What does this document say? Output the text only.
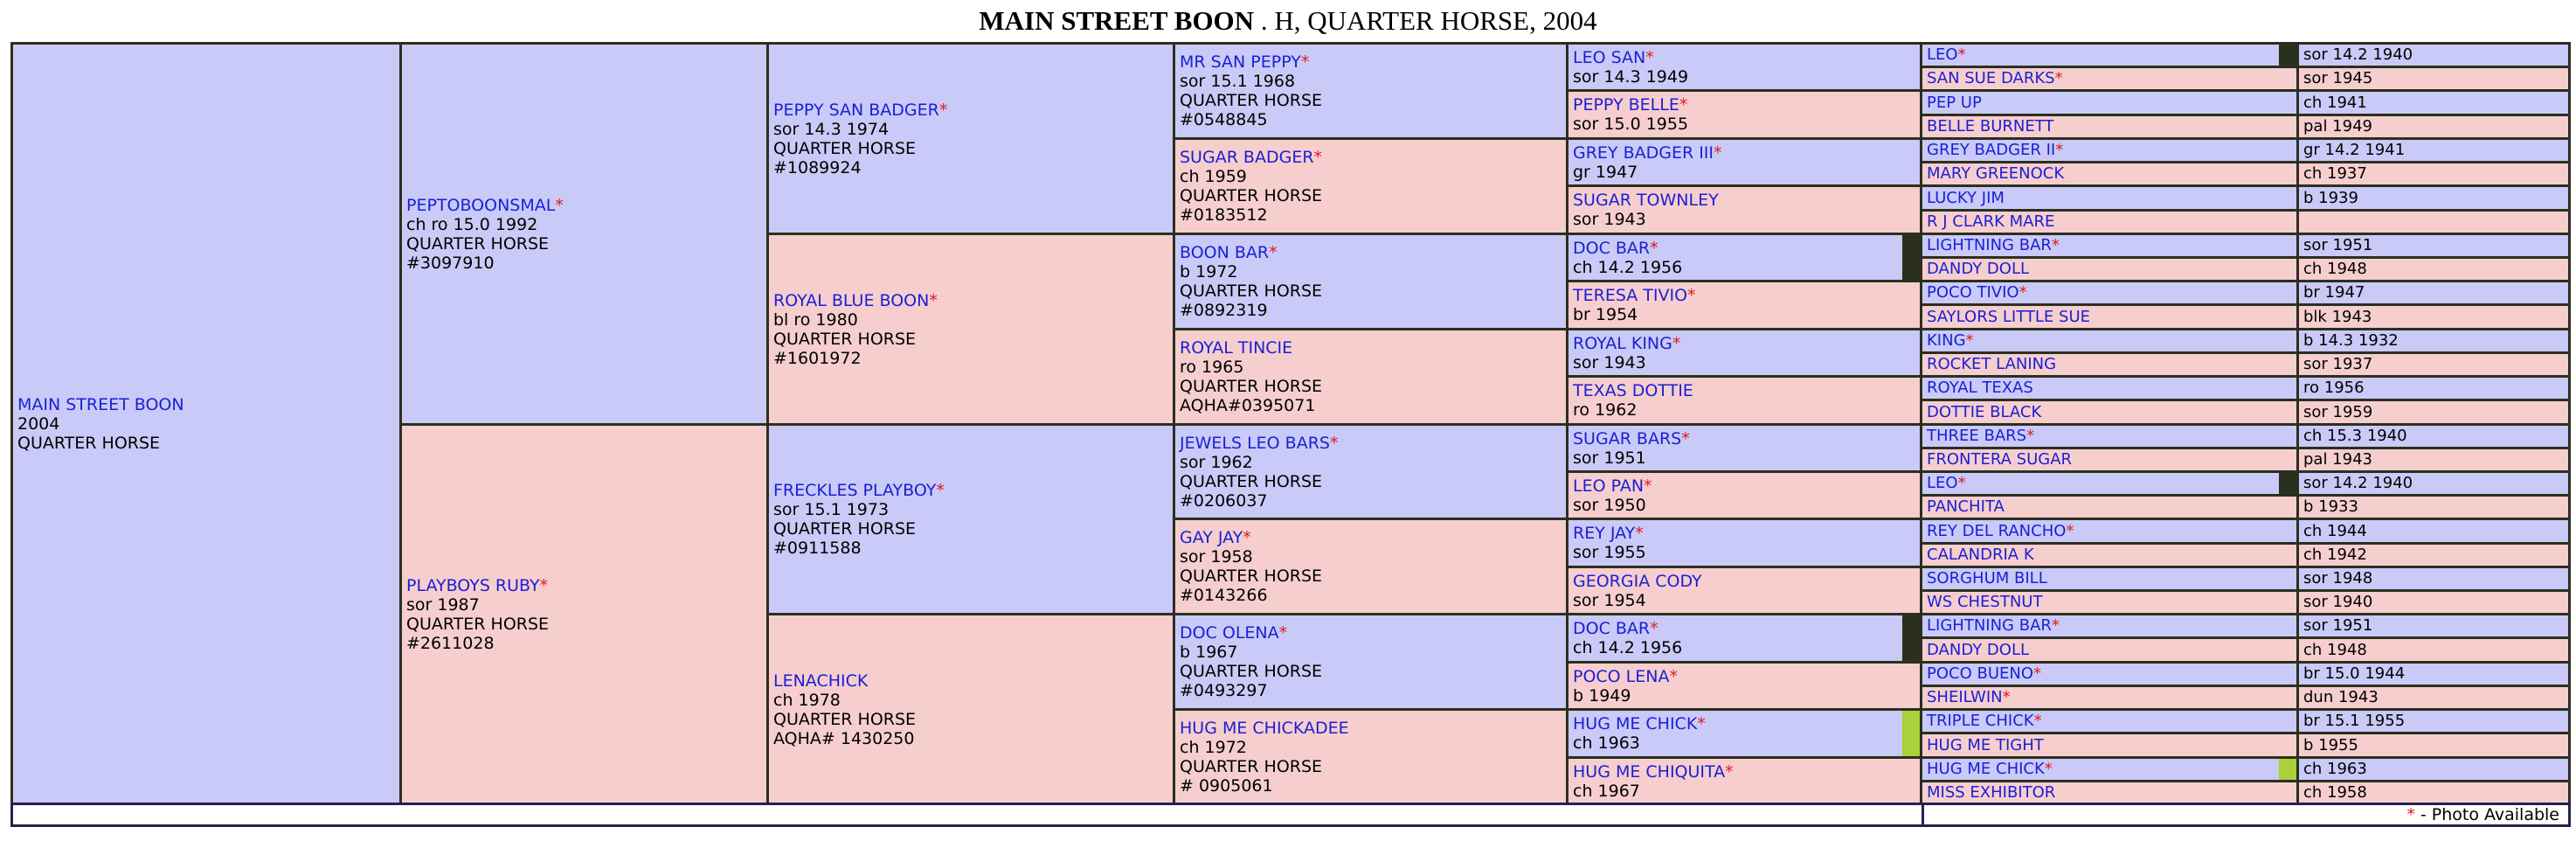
MAIN STREET BOON . H, QUARTER HORSE, 2004
MAIN STREET BOON
2004
QUARTER HORSE
PEPTOBOONSMAL*
ch ro 15.0 1992
QUARTER HORSE
#3097910
PLAYBOYS RUBY*
sor 1987
QUARTER HORSE
#2611028
PEPPY SAN BADGER*
sor 14.3 1974
QUARTER HORSE
#1089924
ROYAL BLUE BOON*
bl ro 1980
QUARTER HORSE
#1601972
FRECKLES PLAYBOY*
sor 15.1 1973
QUARTER HORSE
#0911588
LENACHICK
ch 1978
QUARTER HORSE
AQHA# 1430250
MR SAN PEPPY*
sor 15.1 1968
QUARTER HORSE
#0548845
SUGAR BADGER*
ch 1959
QUARTER HORSE
#0183512
BOON BAR*
b 1972
QUARTER HORSE
#0892319
ROYAL TINCIE
ro 1965
QUARTER HORSE
AQHA#0395071
JEWELS LEO BARS*
sor 1962
QUARTER HORSE
#0206037
GAY JAY*
sor 1958
QUARTER HORSE
#0143266
DOC OLENA*
b 1967
QUARTER HORSE
#0493297
HUG ME CHICKADEE
ch 1972
QUARTER HORSE
# 0905061
LEO SAN*
sor 14.3 1949
PEPPY BELLE*
sor 15.0 1955
GREY BADGER III*
gr 1947
SUGAR TOWNLEY
sor 1943
DOC BAR*
ch 14.2 1956
TERESA TIVIO*
br 1954
ROYAL KING*
sor 1943
TEXAS DOTTIE
ro 1962
SUGAR BARS*
sor 1951
LEO PAN*
sor 1950
REY JAY*
sor 1955
GEORGIA CODY
sor 1954
DOC BAR*
ch 14.2 1956
POCO LENA*
b 1949
HUG ME CHICK*
ch 1963
HUG ME CHIQUITA*
ch 1967
LEO *	sor 14.2 1940
SAN SUE DARKS *	sor 1945
PEP UP	ch 1941
BELLE BURNETT	pal 1949
GREY BADGER II *	gr 14.2 1941
MARY GREENOCK	ch 1937
LUCKY JIM	b 1939
R J CLARK MARE
LIGHTNING BAR *	sor 1951
DANDY DOLL	ch 1948
POCO TIVIO *	br 1947
SAYLORS LITTLE SUE	blk 1943
KING *	b 14.3 1932
ROCKET LANING	sor 1937
ROYAL TEXAS	ro 1956
DOTTIE BLACK	sor 1959
THREE BARS *	ch 15.3 1940
FRONTERA SUGAR	pal 1943
LEO *	sor 14.2 1940
PANCHITA	b 1933
REY DEL RANCHO *	ch 1944
CALANDRIA K	ch 1942
SORGHUM BILL	sor 1948
WS CHESTNUT	sor 1940
LIGHTNING BAR *	sor 1951
DANDY DOLL	ch 1948
POCO BUENO *	br 15.0 1944
SHEILWIN *	dun 1943
TRIPLE CHICK *	br 15.1 1955
HUG ME TIGHT	b 1955
HUG ME CHICK *	ch 1963
MISS EXHIBITOR	ch 1958
* - Photo Available
